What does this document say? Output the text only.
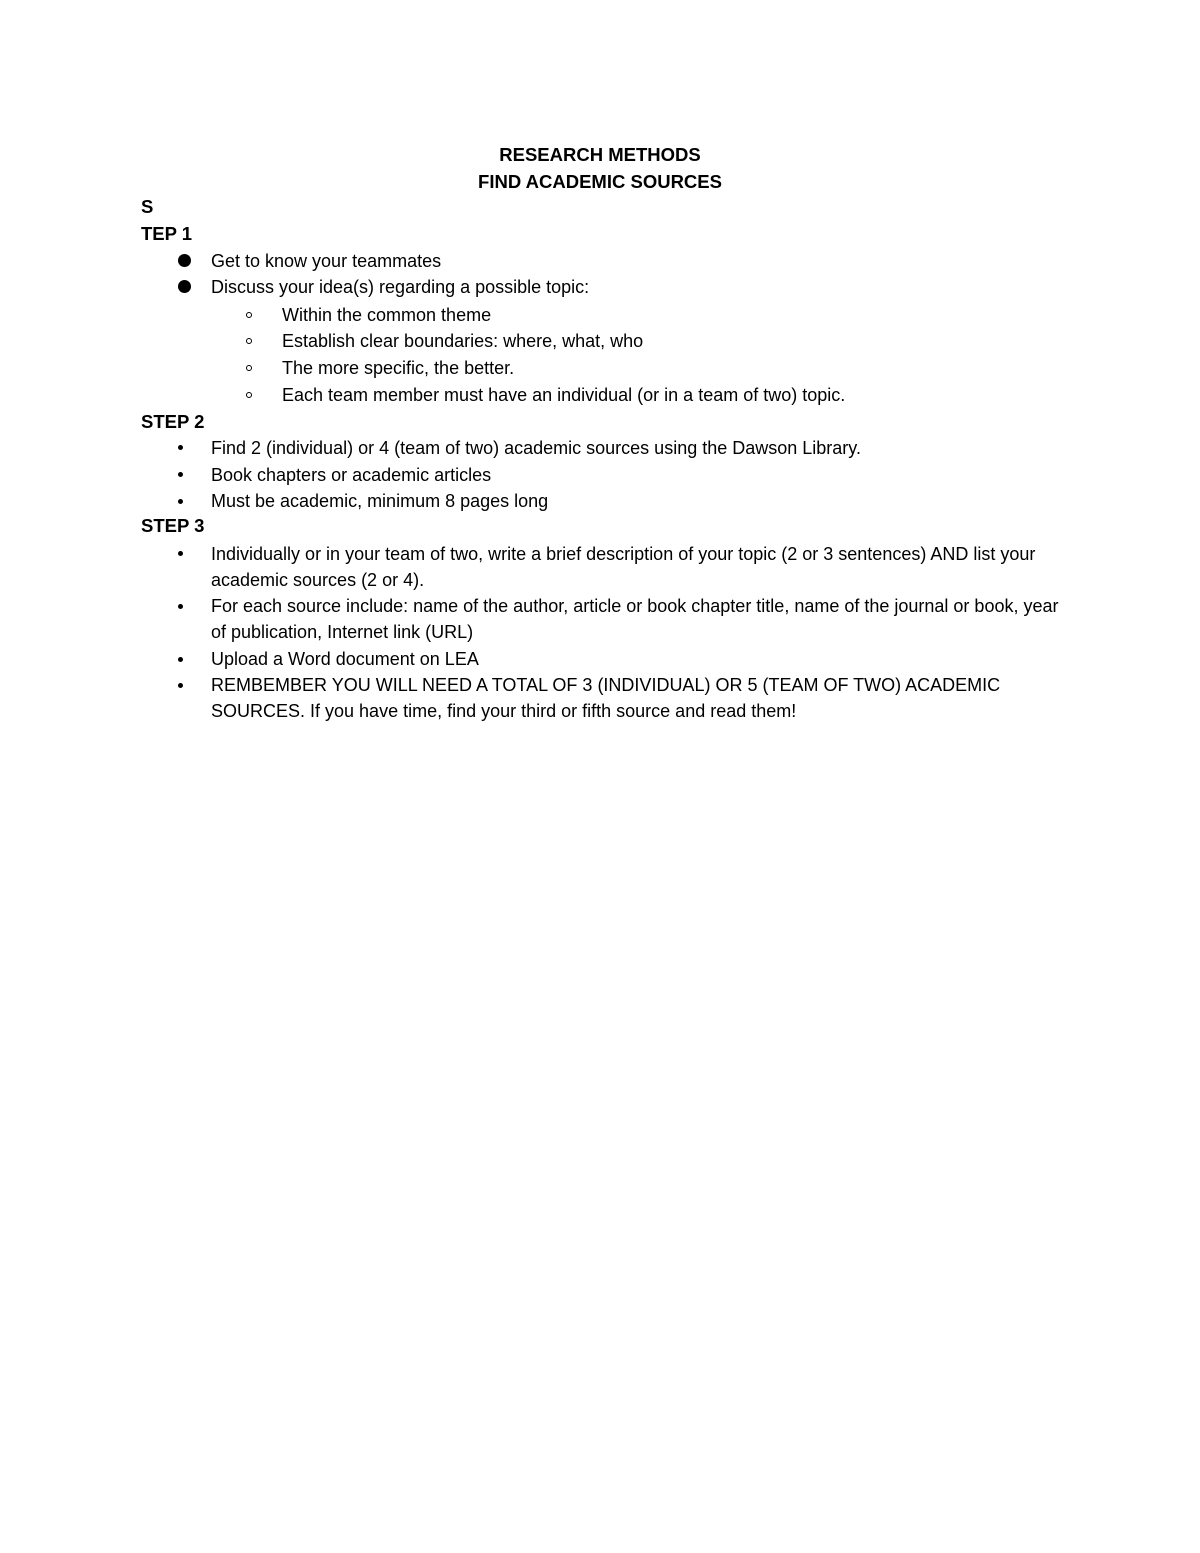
RESEARCH METHODS
FIND ACADEMIC SOURCES
S
TEP 1
Get to know your teammates
Discuss your idea(s) regarding a possible topic:
Within the common theme
Establish clear boundaries: where, what, who
The more specific, the better.
Each team member must have an individual (or in a team of two) topic.
STEP 2
Find 2 (individual) or 4 (team of two) academic sources using the Dawson Library.
Book chapters or academic articles
Must be academic, minimum 8 pages long
STEP 3
Individually or in your team of two, write a brief description of your topic (2 or 3 sentences) AND list your academic sources (2 or 4).
For each source include: name of the author, article or book chapter title, name of the journal or book, year of publication, Internet link (URL)
Upload a Word document on LEA
REMBEMBER YOU WILL NEED A TOTAL OF 3 (INDIVIDUAL) OR 5 (TEAM OF TWO) ACADEMIC SOURCES. If you have time, find your third or fifth source and read them!
